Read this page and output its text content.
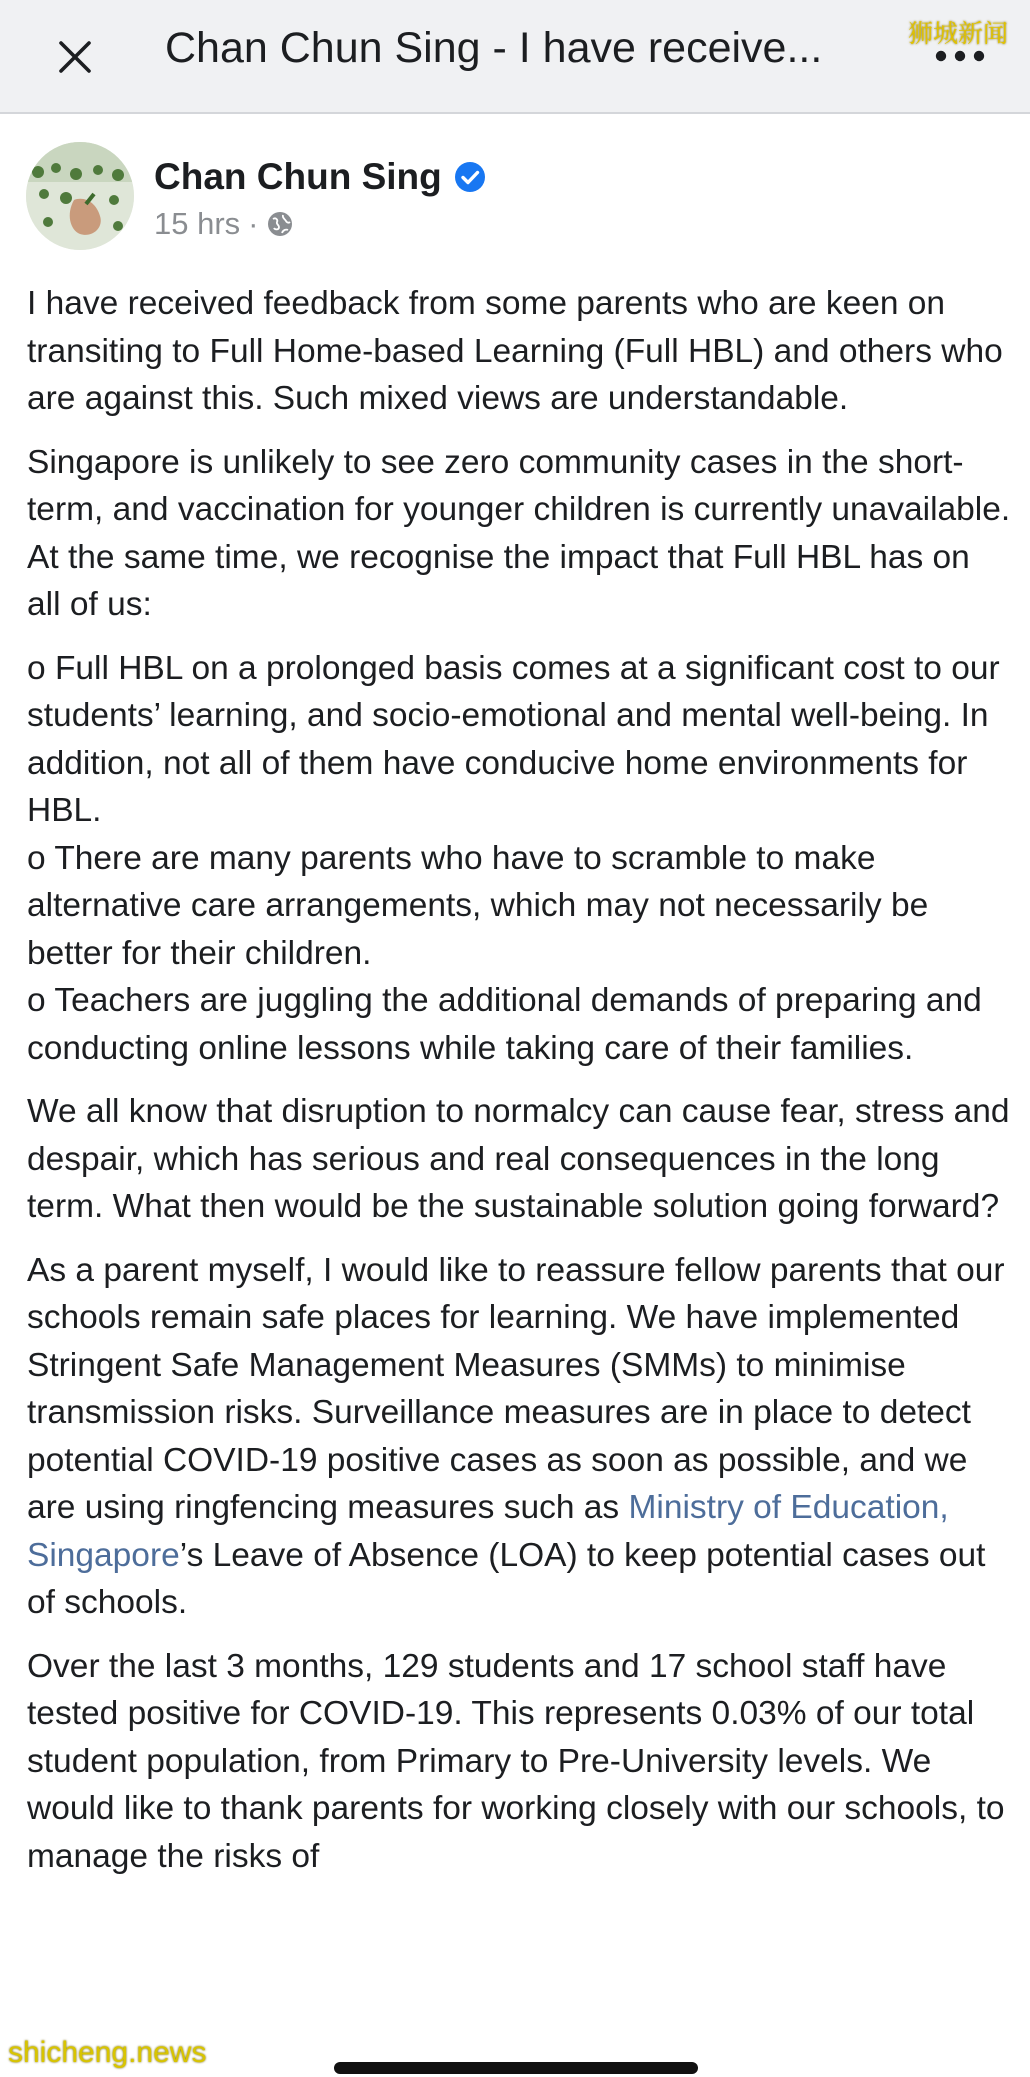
Chan Chun Sing - I have receive...	狮城新闻
Chan Chun Sing
15 hrs ·

I have received feedback from some parents who are keen on transiting to Full Home-based Learning (Full HBL) and others who are against this. Such mixed views are understandable.

Singapore is unlikely to see zero community cases in the short-term, and vaccination for younger children is currently unavailable. At the same time, we recognise the impact that Full HBL has on all of us:

o Full HBL on a prolonged basis comes at a significant cost to our students’ learning, and socio-emotional and mental well-being. In addition, not all of them have conducive home environments for HBL.
o There are many parents who have to scramble to make alternative care arrangements, which may not necessarily be better for their children.
o Teachers are juggling the additional demands of preparing and conducting online lessons while taking care of their families.

We all know that disruption to normalcy can cause fear, stress and despair, which has serious and real consequences in the long term. What then would be the sustainable solution going forward?

As a parent myself, I would like to reassure fellow parents that our schools remain safe places for learning. We have implemented Stringent Safe Management Measures (SMMs) to minimise transmission risks. Surveillance measures are in place to detect potential COVID-19 positive cases as soon as possible, and we are using ringfencing measures such as Ministry of Education, Singapore’s Leave of Absence (LOA) to keep potential cases out of schools.

Over the last 3 months, 129 students and 17 school staff have tested positive for COVID-19. This represents 0.03% of our total student population, from Primary to Pre-University levels. We would like to thank parents for working closely with our schools, to manage the risks of

shicheng.news
